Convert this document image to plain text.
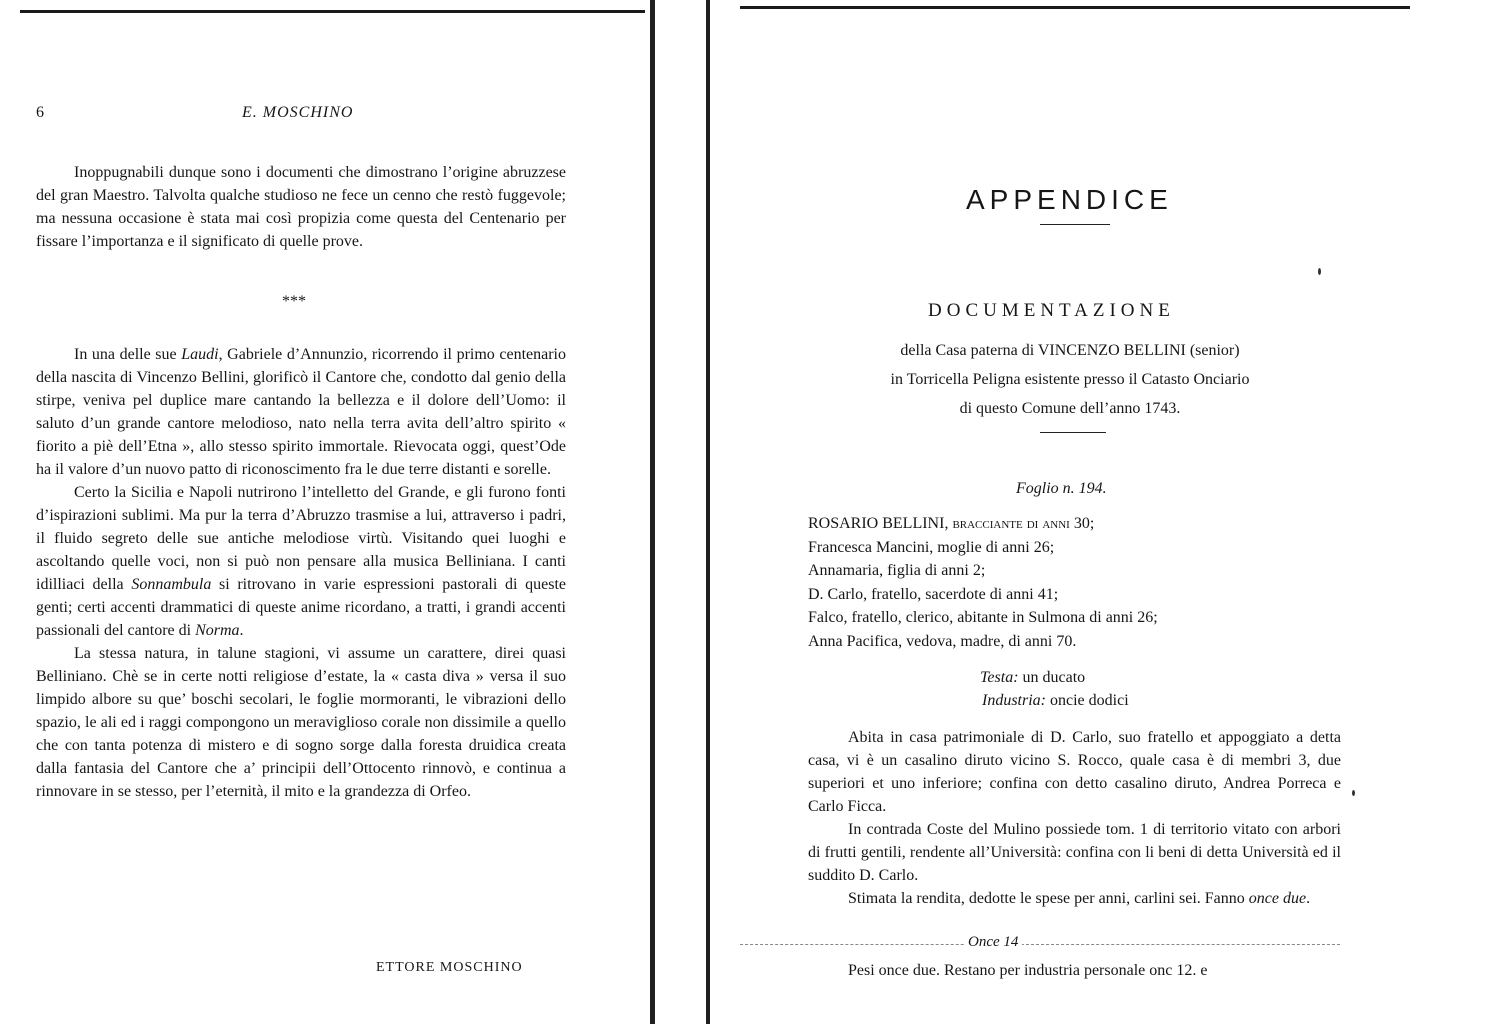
6	E. MOSCHINO

Inoppugnabili dunque sono i documenti che dimostrano l’origine abruzzese del gran Maestro. Talvolta qualche studioso ne fece un cenno che restò fuggevole; ma nessuna occasione è stata mai così propizia come questa del Centenario per fissare l’importanza e il significato di quelle prove.

***

In una delle sue Laudi, Gabriele d’Annunzio, ricorrendo il primo centenario della nascita di Vincenzo Bellini, glorificò il Cantore che, condotto dal genio della stirpe, veniva pel duplice mare cantando la bellezza e il dolore dell’Uomo: il saluto d’un grande cantore melodioso, nato nella terra avita dell’altro spirito « fiorito a piè dell’Etna », allo stesso spirito immortale. Rievocata oggi, quest’Ode ha il valore d’un nuovo patto di riconoscimento fra le due terre distanti e sorelle.

Certo la Sicilia e Napoli nutrirono l’intelletto del Grande, e gli furono fonti d’ispirazioni sublimi. Ma pur la terra d’Abruzzo trasmise a lui, attraverso i padri, il fluido segreto delle sue antiche melodiose virtù. Visitando quei luoghi e ascoltando quelle voci, non si può non pensare alla musica Belliniana. I canti idilliaci della Sonnambula si ritrovano in varie espressioni pastorali di queste genti; certi accenti drammatici di queste anime ricordano, a tratti, i grandi accenti passionali del cantore di Norma.

La stessa natura, in talune stagioni, vi assume un carattere, direi quasi Belliniano. Chè se in certe notti religiose d’estate, la « casta diva » versa il suo limpido albore su que’ boschi secolari, le foglie mormoranti, le vibrazioni dello spazio, le ali ed i raggi compongono un meraviglioso corale non dissimile a quello che con tanta potenza di mistero e di sogno sorge dalla foresta druidica creata dalla fantasia del Cantore che a’ principii dell’Ottocento rinnovò, e continua a rinnovare in se stesso, per l’eternità, il mito e la grandezza di Orfeo.

ETTORE MOSCHINO
APPENDICE
DOCUMENTAZIONE
della Casa paterna di VINCENZO BELLINI (senior)
in Torricella Peligna esistente presso il Catasto Onciario
di questo Comune dell’anno 1743.
Foglio n. 194.
ROSARIO BELLINI, bracciante di anni 30;
Francesca Mancini, moglie di anni 26;
Annamaria, figlia di anni 2;
D. Carlo, fratello, sacerdote di anni 41;
Falco, fratello, clerico, abitante in Sulmona di anni 26;
Anna Pacifica, vedova, madre, di anni 70.
Testa: un ducato
Industria: oncie dodici

Abita in casa patrimoniale di D. Carlo, suo fratello et appoggiato a detta casa, vi è un casalino diruto vicino S. Rocco, quale casa è di membri 3, due superiori et uno inferiore; confina con detto casalino diruto, Andrea Porreca e Carlo Ficca.

In contrada Coste del Mulino possiede tom. 1 di territorio vitato con arbori di frutti gentili, rendente all’Università: confina con li beni di detta Università ed il suddito D. Carlo.

Stimata la rendita, dedotte le spese per anni, carlini sei. Fanno once due.

Once 14
Pesi once due. Restano per industria personale onc 12. e
